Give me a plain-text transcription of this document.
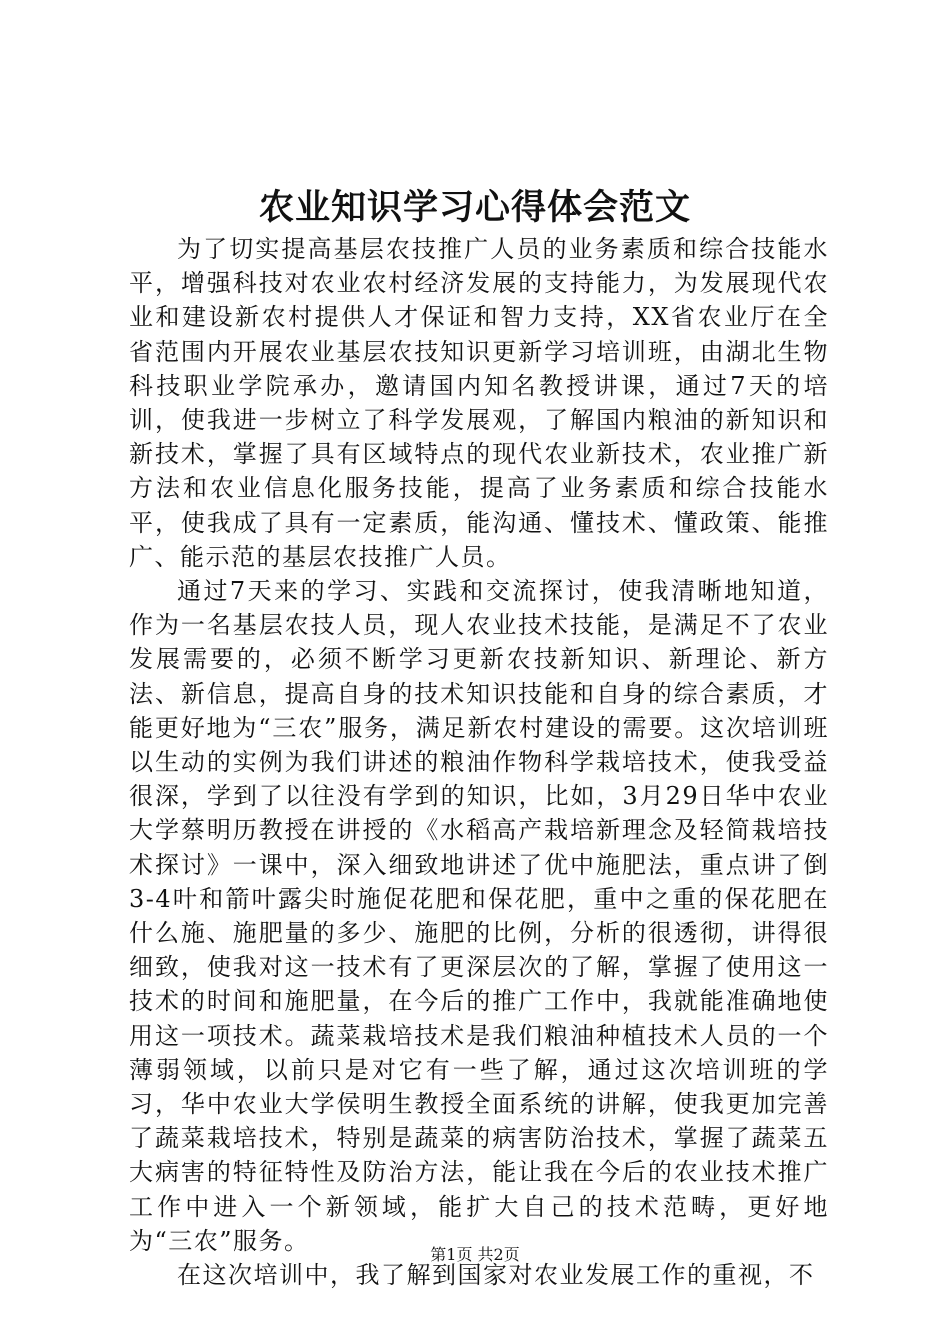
农业知识学习心得体会范文

为了切实提高基层农技推广人员的业务素质和综合技能水平，增强科技对农业农村经济发展的支持能力，为发展现代农业和建设新农村提供人才保证和智力支持，XX省农业厅在全省范围内开展农业基层农技知识更新学习培训班，由湖北生物科技职业学院承办，邀请国内知名教授讲课，通过7天的培训，使我进一步树立了科学发展观，了解国内粮油的新知识和新技术，掌握了具有区域特点的现代农业新技术，农业推广新方法和农业信息化服务技能，提高了业务素质和综合技能水平，使我成了具有一定素质，能沟通、懂技术、懂政策、能推广、能示范的基层农技推广人员。

通过7天来的学习、实践和交流探讨，使我清晰地知道，作为一名基层农技人员，现人农业技术技能，是满足不了农业发展需要的，必须不断学习更新农技新知识、新理论、新方法、新信息，提高自身的技术知识技能和自身的综合素质，才能更好地为“三农”服务，满足新农村建设的需要。这次培训班以生动的实例为我们讲述的粮油作物科学栽培技术，使我受益很深，学到了以往没有学到的知识，比如，3月29日华中农业大学蔡明历教授在讲授的《水稻高产栽培新理念及轻简栽培技术探讨》一课中，深入细致地讲述了优中施肥法，重点讲了倒3-4叶和箭叶露尖时施促花肥和保花肥，重中之重的保花肥在什么施、施肥量的多少、施肥的比例，分析的很透彻，讲得很细致，使我对这一技术有了更深层次的了解，掌握了使用这一技术的时间和施肥量，在今后的推广工作中，我就能准确地使用这一项技术。蔬菜栽培技术是我们粮油种植技术人员的一个薄弱领域，以前只是对它有一些了解，通过这次培训班的学习，华中农业大学侯明生教授全面系统的讲解，使我更加完善了蔬菜栽培技术，特别是蔬菜的病害防治技术，掌握了蔬菜五大病害的特征特性及防治方法，能让我在今后的农业技术推广工作中进入一个新领域，能扩大自己的技术范畴，更好地为“三农”服务。

在这次培训中，我了解到国家对农业发展工作的重视，不

第1页 共2页
